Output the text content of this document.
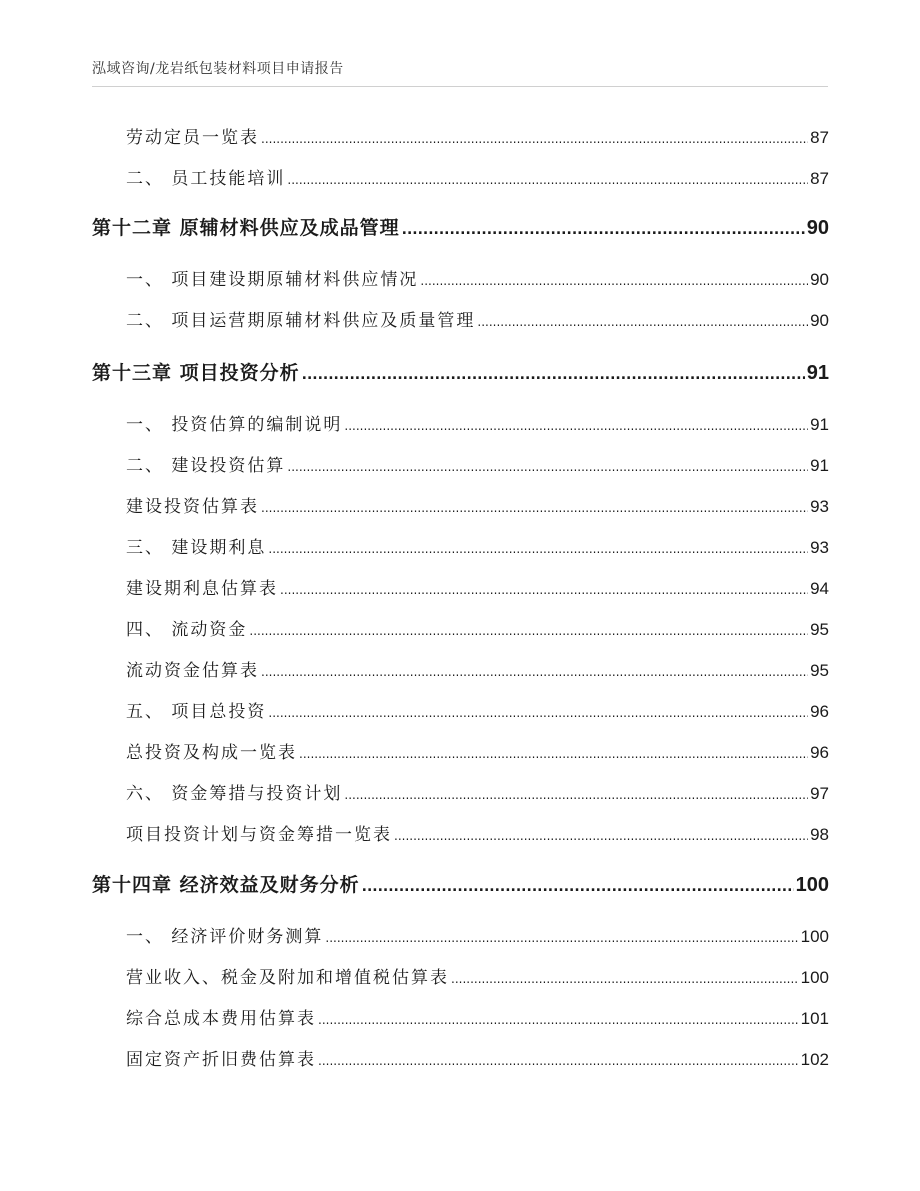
泓域咨询/龙岩纸包装材料项目申请报告
劳动定员一览表 .....	87
二、 员工技能培训 .....	87
第十二章 原辅材料供应及成品管理 .....	90
一、 项目建设期原辅材料供应情况 .....	90
二、 项目运营期原辅材料供应及质量管理 .....	90
第十三章 项目投资分析 .....	91
一、 投资估算的编制说明 .....	91
二、 建设投资估算 .....	91
建设投资估算表 .....	93
三、 建设期利息 .....	93
建设期利息估算表 .....	94
四、 流动资金 .....	95
流动资金估算表 .....	95
五、 项目总投资 .....	96
总投资及构成一览表 .....	96
六、 资金筹措与投资计划 .....	97
项目投资计划与资金筹措一览表 .....	98
第十四章 经济效益及财务分析 .....	100
一、 经济评价财务测算 .....	100
营业收入、税金及附加和增值税估算表 .....	100
综合总成本费用估算表 .....	101
固定资产折旧费估算表 .....	102
